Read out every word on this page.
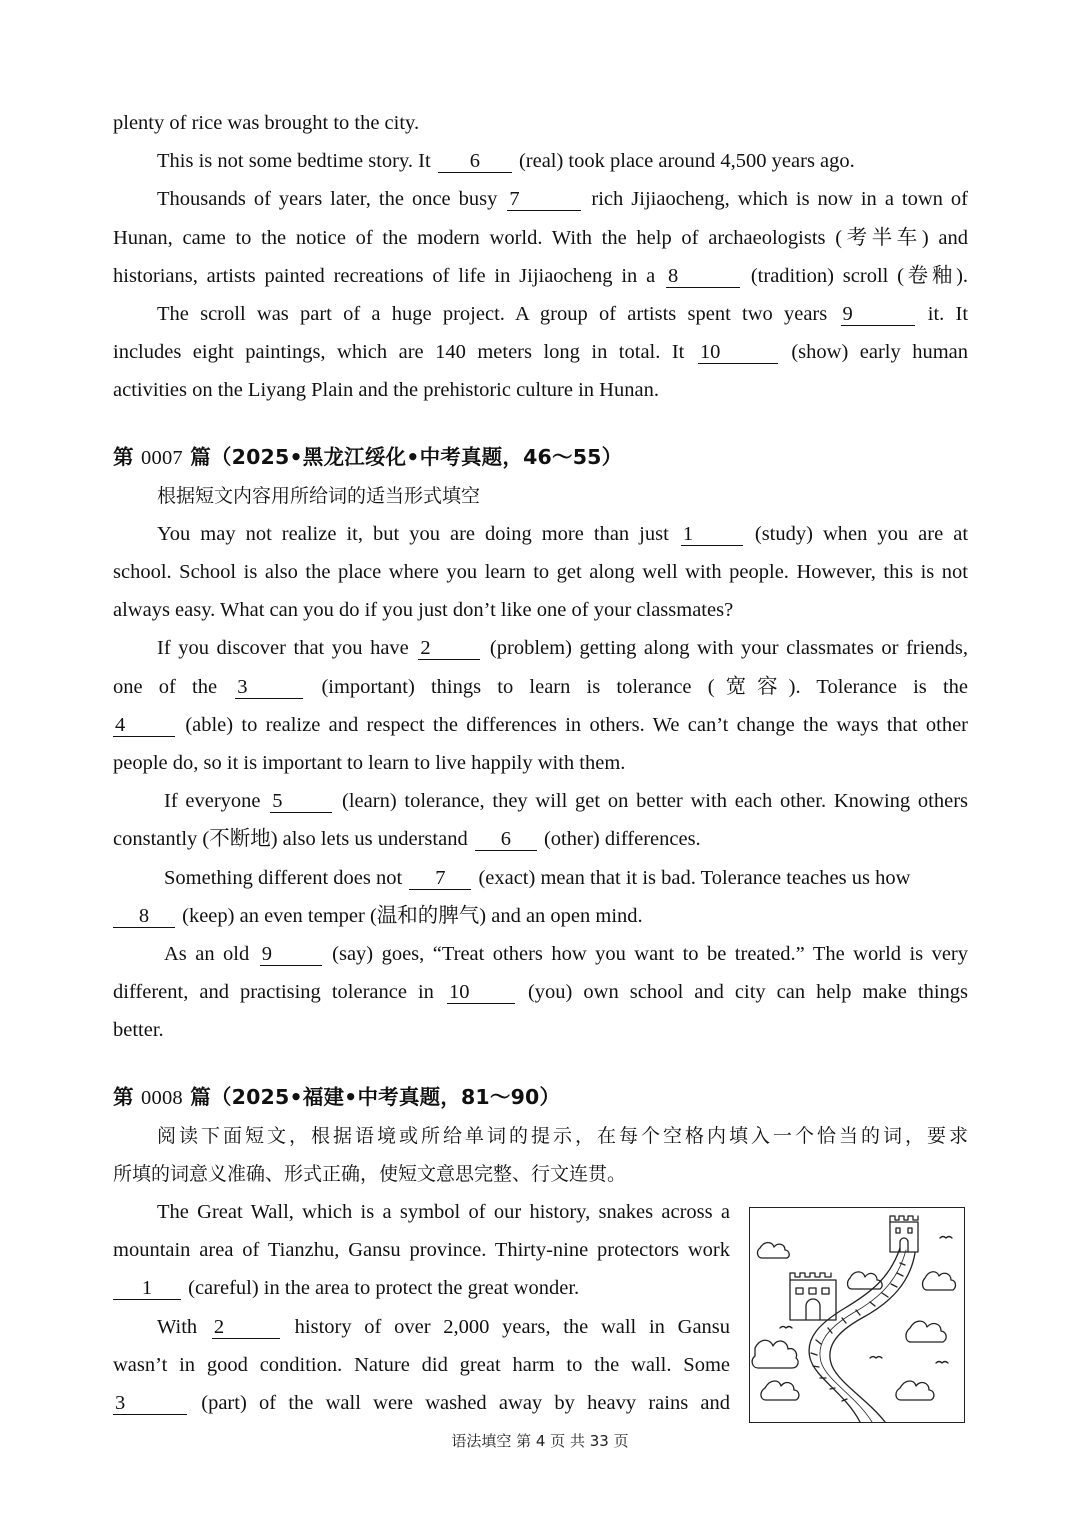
plenty of rice was brought to the city.
This is not some bedtime story. It 6 (real) took place around 4,500 years ago.
Thousands of years later, the once busy 7	rich Jijiaocheng, which is now in a town of
Hunan, came to the notice of the modern world. With the help of archaeologists (考半车) and
historians, artists painted recreations of life in Jijiaocheng in a 8	(tradition) scroll (卷釉).
The scroll was part of a huge project. A group of artists spent two years 9	it. It
includes eight paintings, which are 140 meters long in total. It 10	(show) early human
activities on the Liyang Plain and the prehistoric culture in Hunan.
第 0007 篇（2025•黑龙江绥化•中考真题，46～55）
根据短文内容用所给词的适当形式填空
You may not realize it, but you are doing more than just 1	(study) when you are at
school. School is also the place where you learn to get along well with people. However, this is not
always easy. What can you do if you just don’t like one of your classmates?
If you discover that you have 2	(problem) getting along with your classmates or friends,
one of the 3	(important) things to learn is tolerance (宽容). Tolerance is the
4	(able) to realize and respect the differences in others. We can’t change the ways that other
people do, so it is important to learn to live happily with them.
If everyone 5	(learn) tolerance, they will get on better with each other. Knowing others
constantly (不断地) also lets us understand 6 (other) differences.
Something different does not 7 (exact) mean that it is bad. Tolerance teaches us how
8 (keep) an even temper (温和的脾气) and an open mind.
As an old 9	(say) goes, “Treat others how you want to be treated.” The world is very
different, and practising tolerance in 10	(you) own school and city can help make things
better.
第 0008 篇（2025•福建•中考真题，81～90）
阅读下面短文，根据语境或所给单词的提示，在每个空格内填入一个恰当的词，要求
所填的词意义准确、形式正确，使短文意思完整、行文连贯。
The Great Wall, which is a symbol of our history, snakes across a
mountain area of Tianzhu, Gansu province. Thirty-nine protectors work
1 (careful) in the area to protect the great wonder.
With 2	history of over 2,000 years, the wall in Gansu
wasn’t in good condition. Nature did great harm to the wall. Some
3	(part) of the wall were washed away by heavy rains and
语法填空 第 4 页 共 33 页
